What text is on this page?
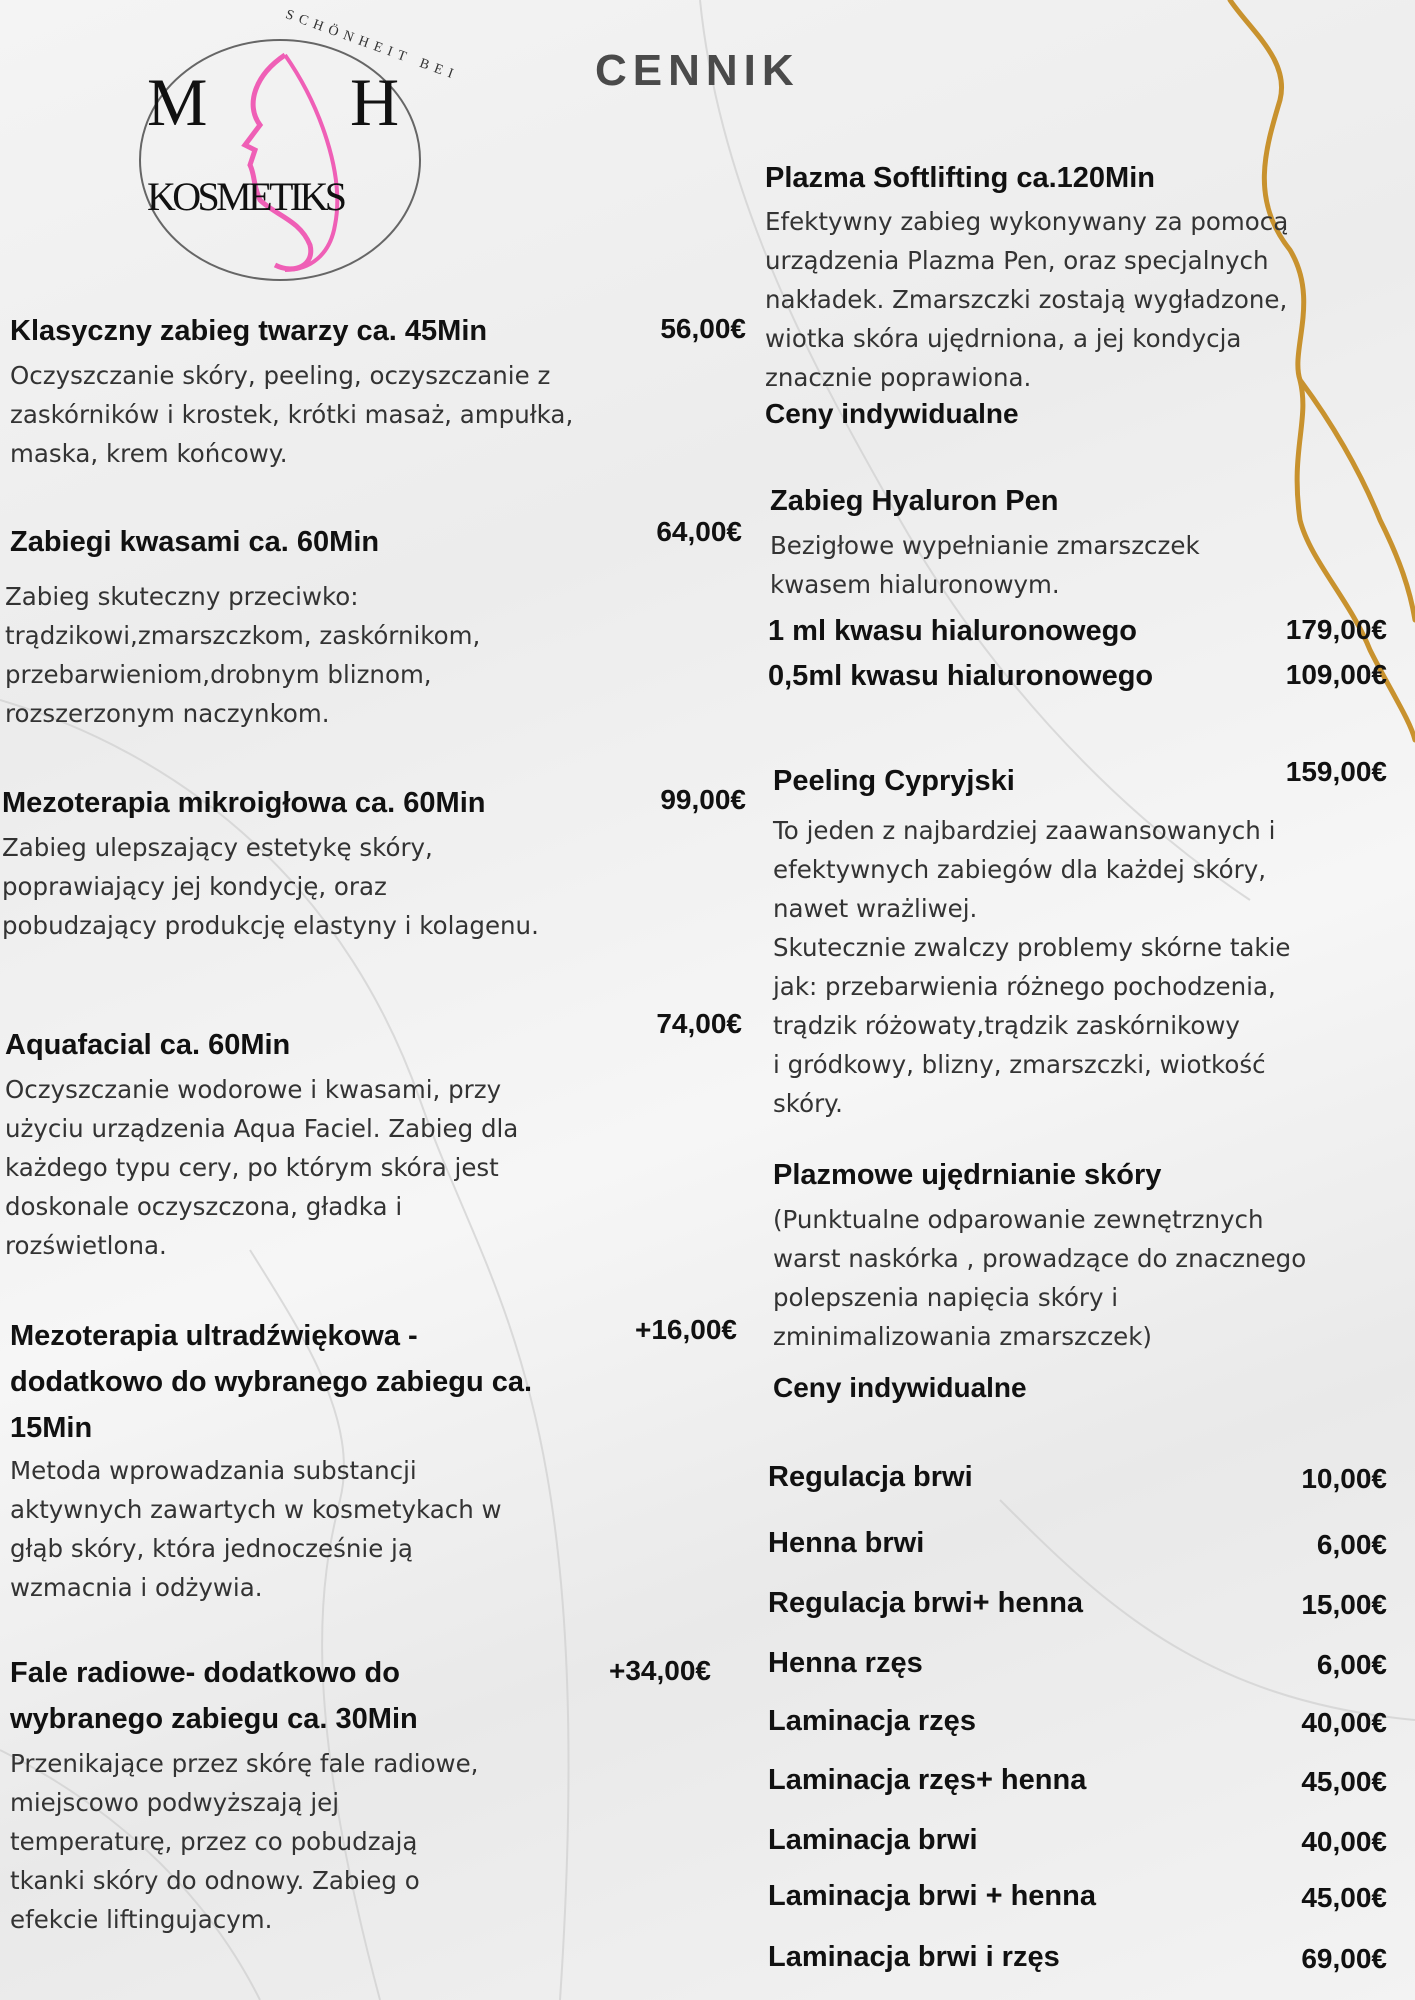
M H
KOSMETIKS
SCHÖNHEIT BEI	CENNIK
Klasyczny zabieg twarzy ca. 45Min	56,00€
Oczyszczanie skóry, peeling, oczyszczanie z
zaskórników i krostek, krótki masaż, ampułka,
maska, krem końcowy.
Zabiegi kwasami ca. 60Min	64,00€
Zabieg skuteczny przeciwko:
trądzikowi,zmarszczkom, zaskórnikom,
przebarwieniom,drobnym bliznom,
rozszerzonym naczynkom.
Mezoterapia mikroigłowa ca. 60Min	99,00€
Zabieg ulepszający estetykę skóry,
poprawiający jej kondycję, oraz
pobudzający produkcję elastyny i kolagenu.
Aquafacial ca. 60Min
74,00€
Oczyszczanie wodorowe i kwasami, przy
użyciu urządzenia Aqua Faciel. Zabieg dla
każdego typu cery, po którym skóra jest
doskonale oczyszczona, gładka i
rozświetlona.
Mezoterapia ultradźwiękowa -
dodatkowo do wybranego zabiegu ca.
15Min
+16,00€
Metoda wprowadzania substancji
aktywnych zawartych w kosmetykach w
głąb skóry, która jednocześnie ją
wzmacnia i odżywia.
Fale radiowe- dodatkowo do
wybranego zabiegu ca. 30Min
+34,00€
Przenikające przez skórę fale radiowe,
miejscowo podwyższają jej
temperaturę, przez co pobudzają
tkanki skóry do odnowy. Zabieg o
efekcie liftingujacym.
Plazma Softlifting ca.120Min
Efektywny zabieg wykonywany za pomocą
urządzenia Plazma Pen, oraz specjalnych
nakładek. Zmarszczki zostają wygładzone,
wiotka skóra ujędrniona, a jej kondycja
znacznie poprawiona.
Ceny indywidualne
Zabieg Hyaluron Pen
Bezigłowe wypełnianie zmarszczek
kwasem hialuronowym.
Peeling Cypryjski	159,00€
To jeden z najbardziej zaawansowanych i
efektywnych zabiegów dla każdej skóry,
nawet wrażliwej.
Skutecznie zwalczy problemy skórne takie
jak: przebarwienia różnego pochodzenia,
trądzik różowaty,trądzik zaskórnikowy
i gródkowy, blizny, zmarszczki, wiotkość
skóry.
Plazmowe ujędrnianie skóry
(Punktualne odparowanie zewnętrznych
warst naskórka , prowadzące do znacznego
polepszenia napięcia skóry i
zminimalizowania zmarszczek)
Ceny indywidualne
1 ml kwasu hialuronowego	179,00€
0,5ml kwasu hialuronowego	109,00€
Regulacja brwi	10,00€
Henna brwi	6,00€
Regulacja brwi+ henna	15,00€
Henna rzęs	6,00€
Laminacja rzęs	40,00€
Laminacja rzęs+ henna	45,00€
Laminacja brwi	40,00€
Laminacja brwi + henna	45,00€
Laminacja brwi i rzęs	69,00€
